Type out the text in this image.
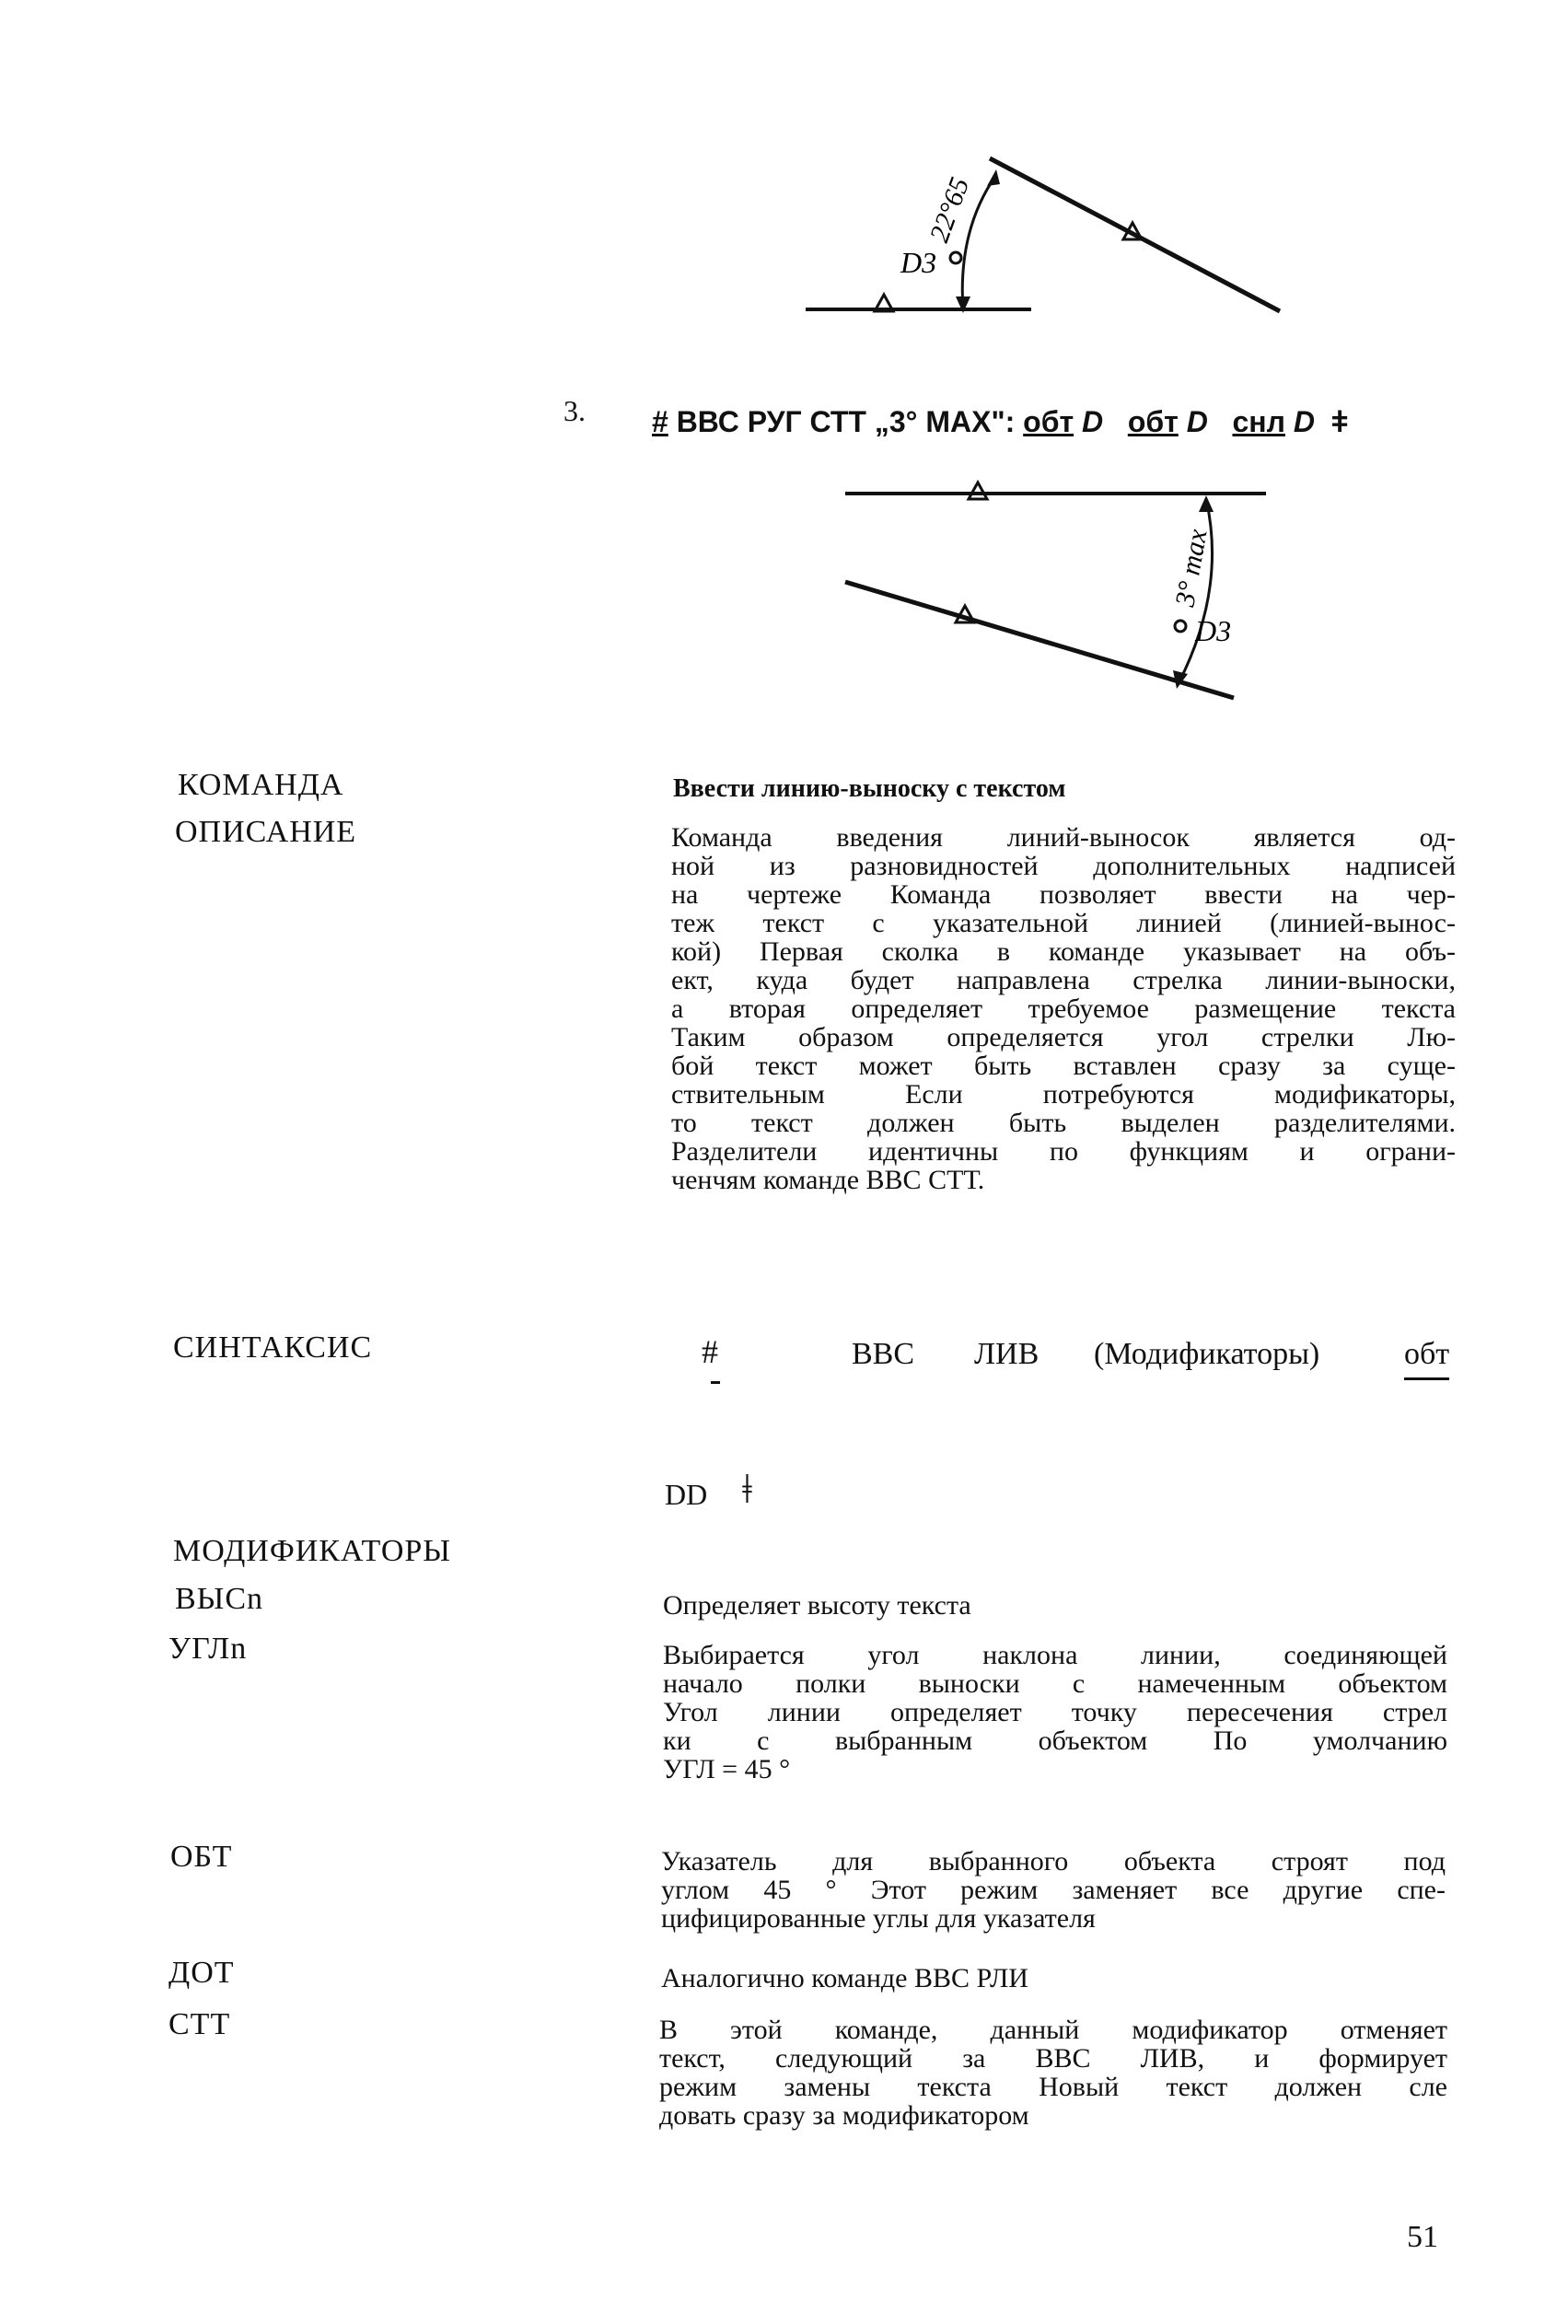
22°65
D3
3. # ВВС РУГ СТТ „3° MAX": обт D обт D снл D ǂ
3° max
D3
КОМАНДА	Ввести линию-выноску с текстом
ОПИСАНИЕ	Команда введения линий-выносок является од-
ной из разновидностей дополнительных надписей
на чертеже Команда позволяет ввести на чер-
теж текст с указательной линией (линией-вынос-
кой) Первая сколка в команде указывает на объ-
ект, куда будет направлена стрелка линии-выноски,
а вторая определяет требуемое размещение текста
Таким образом определяется угол стрелки Лю-
бой текст может быть вставлен сразу за суще-
ствительным Если потребуются модификаторы,
то текст должен быть выделен разделителями.
Разделители идентичны по функциям и ограни-
ченчям команде ВВС СТТ.
СИНТАКСИС	#	ВВС ЛИВ (Модификаторы)	обт
DD ǂ
МОДИФИКАТОРЫ
ВЫСn	Определяет высоту текста
УГЛn	Выбирается угол наклона линии, соединяющей
начало полки выноски с намеченным объектом
Угол линии определяет точку пересечения стрел
ки с выбранным объектом По умолчанию
УГЛ = 45 °
ОБТ	Указатель для выбранного объекта строят под
углом 45 ° Этот режим заменяет все другие спе-
цифицированные углы для указателя
ДОТ	Аналогично команде ВВС РЛИ
СТТ	В этой команде, данный модификатор отменяет
текст, следующий за ВВС ЛИВ, и формирует
режим замены текста Новый текст должен сле
довать сразу за модификатором
51
